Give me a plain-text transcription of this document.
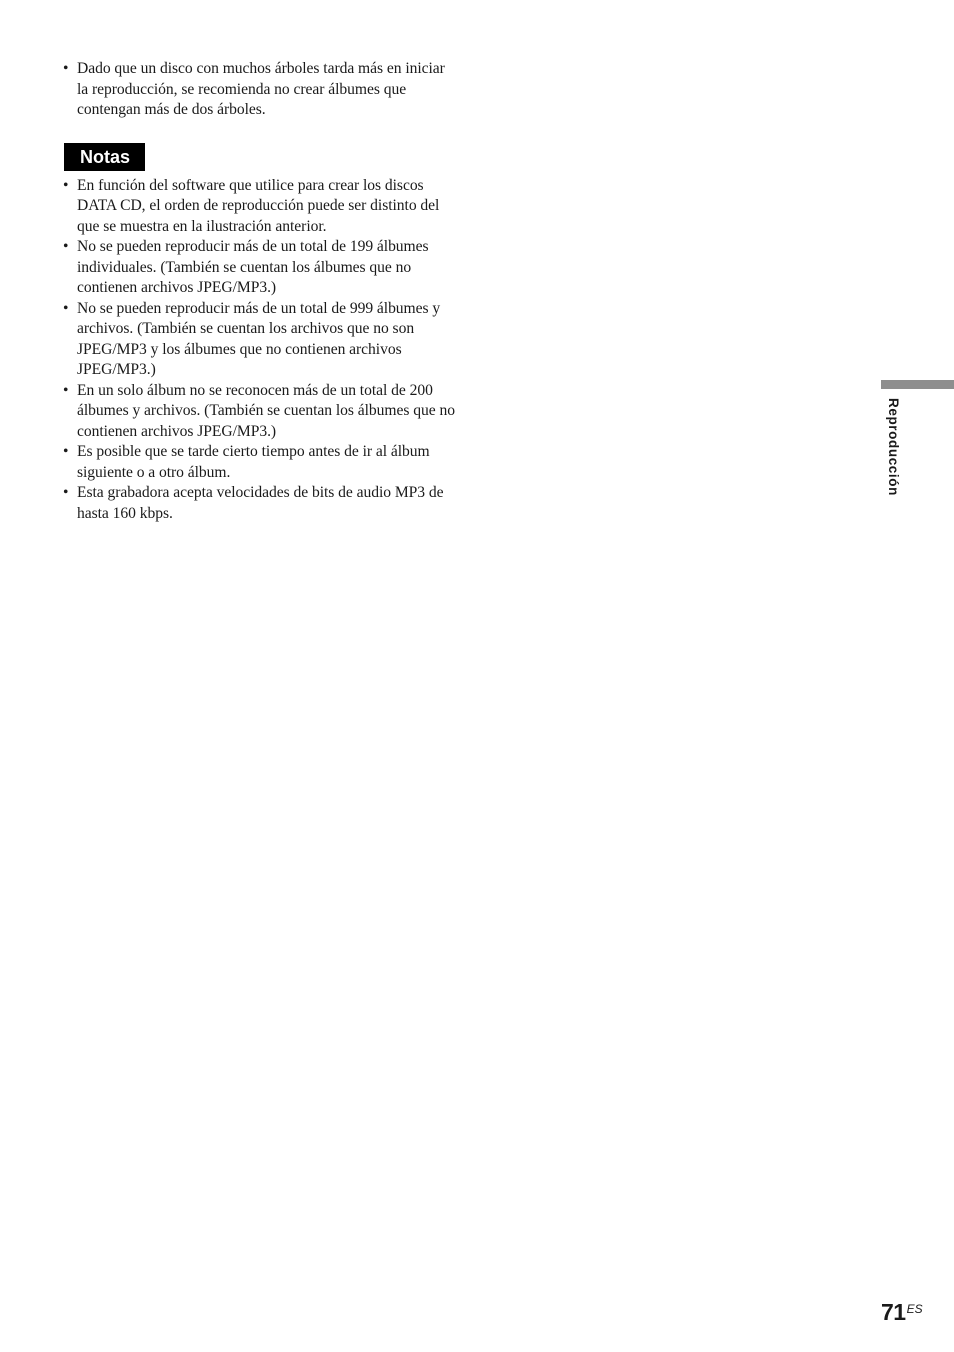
• Dado que un disco con muchos árboles tarda más en iniciar la reproducción, se recomienda no crear álbumes que contengan más de dos árboles.
Notas
• En función del software que utilice para crear los discos DATA CD, el orden de reproducción puede ser distinto del que se muestra en la ilustración anterior.
• No se pueden reproducir más de un total de 199 álbumes individuales. (También se cuentan los álbumes que no contienen archivos JPEG/MP3.)
• No se pueden reproducir más de un total de 999 álbumes y archivos. (También se cuentan los archivos que no son JPEG/MP3 y los álbumes que no contienen archivos JPEG/MP3.)
• En un solo álbum no se reconocen más de un total de 200 álbumes y archivos. (También se cuentan los álbumes que no contienen archivos JPEG/MP3.)
• Es posible que se tarde cierto tiempo antes de ir al álbum siguiente o a otro álbum.
• Esta grabadora acepta velocidades de bits de audio MP3 de hasta 160 kbps.
Reproducción
$71^{ES}$
